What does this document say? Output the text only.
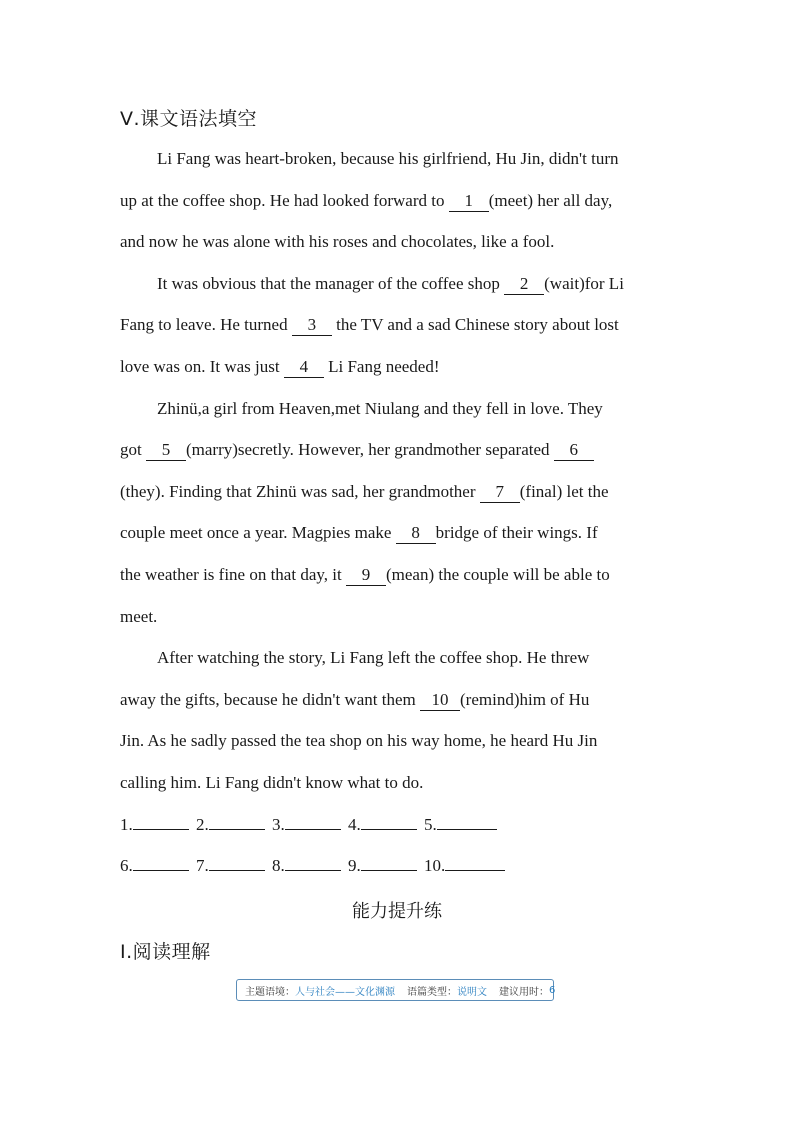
Ⅴ.课文语法填空
Li Fang was heart-broken, because his girlfriend, Hu Jin, didn't turn
up at the coffee shop. He had looked forward to 1 (meet) her all day,
and now he was alone with his roses and chocolates, like a fool.
It was obvious that the manager of the coffee shop 2 (wait)for Li
Fang to leave. He turned 3 the TV and a sad Chinese story about lost
love was on. It was just 4 Li Fang needed!
Zhinü,a girl from Heaven,met Niulang and they fell in love. They
got 5 (marry)secretly. However, her grandmother separated 6
(they). Finding that Zhinü was sad, her grandmother 7 (final) let the
couple meet once a year. Magpies make 8 bridge of their wings. If
the weather is fine on that day, it 9 (mean) the couple will be able to
meet.
After watching the story, Li Fang left the coffee shop. He threw
away the gifts, because he didn't want them 10 (remind)him of Hu
Jin. As he sadly passed the tea shop on his way home, he heard Hu Jin
calling him. Li Fang didn't know what to do.
1.	2.	3.	4.	5.
6.	7.	8.	9.	10.
能力提升练
Ⅰ.阅读理解
主题语境： 人与社会——文化渊源 语篇类型： 说明文 建议用时： 6
